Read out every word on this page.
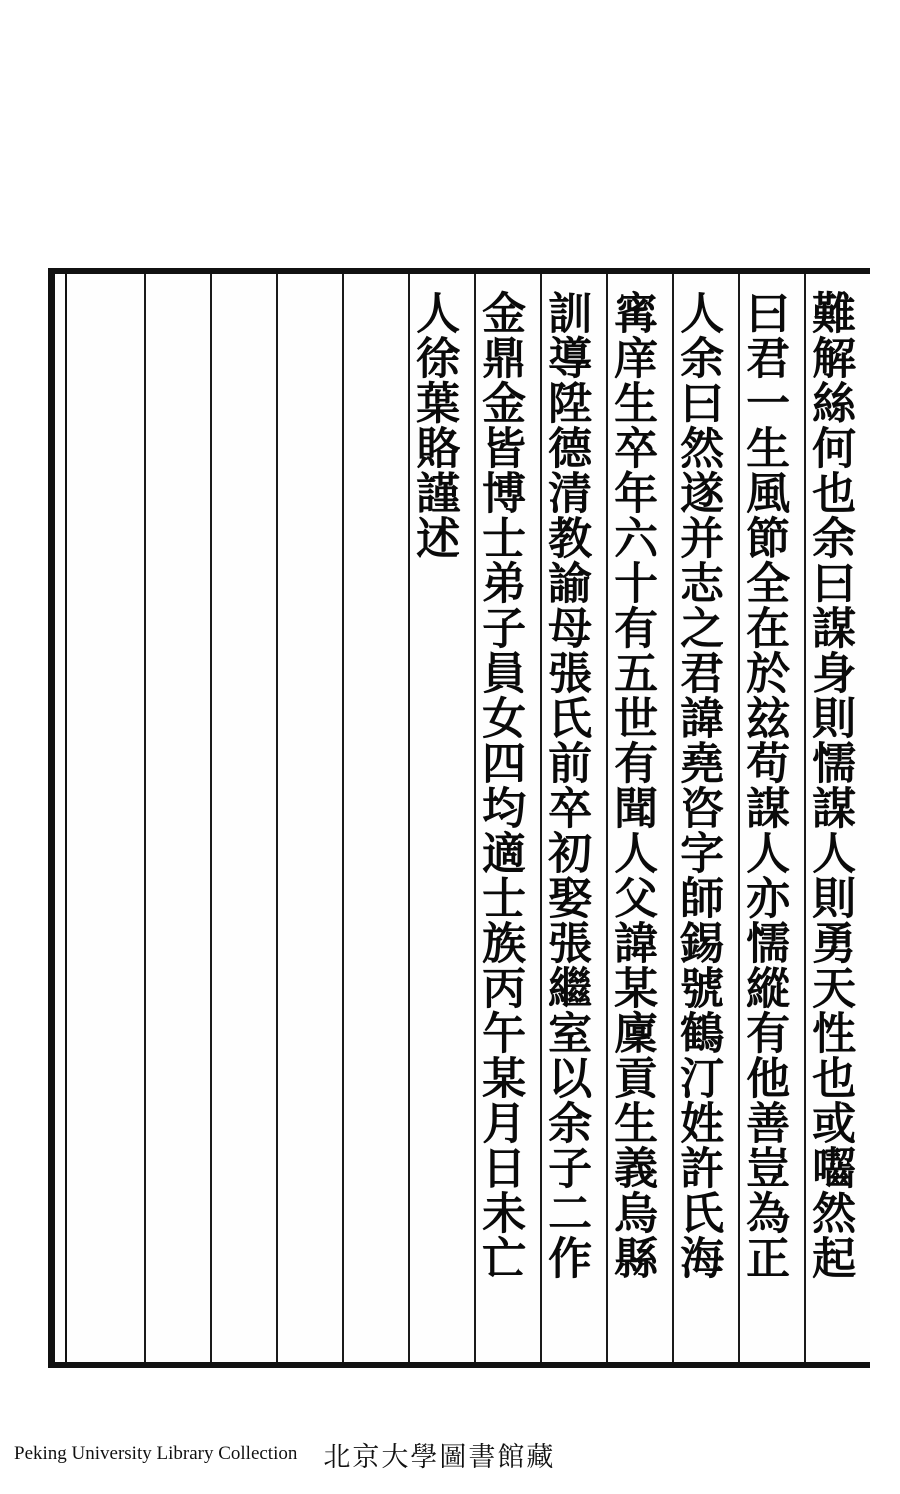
難解絲何也余曰謀身則懦謀人則勇天性也或囓然起
曰君一生風節全在於玆苟謀人亦懦縱有他善豈為正
人余曰然遂并志之君諱堯咨字師錫號鶴汀姓許氏海
寗庠生卒年六十有五世有聞人父諱某廩貢生義烏縣
訓導陞德清教諭母張氏前卒初娶張繼室以余子二作
金鼎金皆博士弟子員女四均適士族丙午某月日未亡
人徐葉賂謹述
Peking University Library Collection 北京大學圖書館藏
